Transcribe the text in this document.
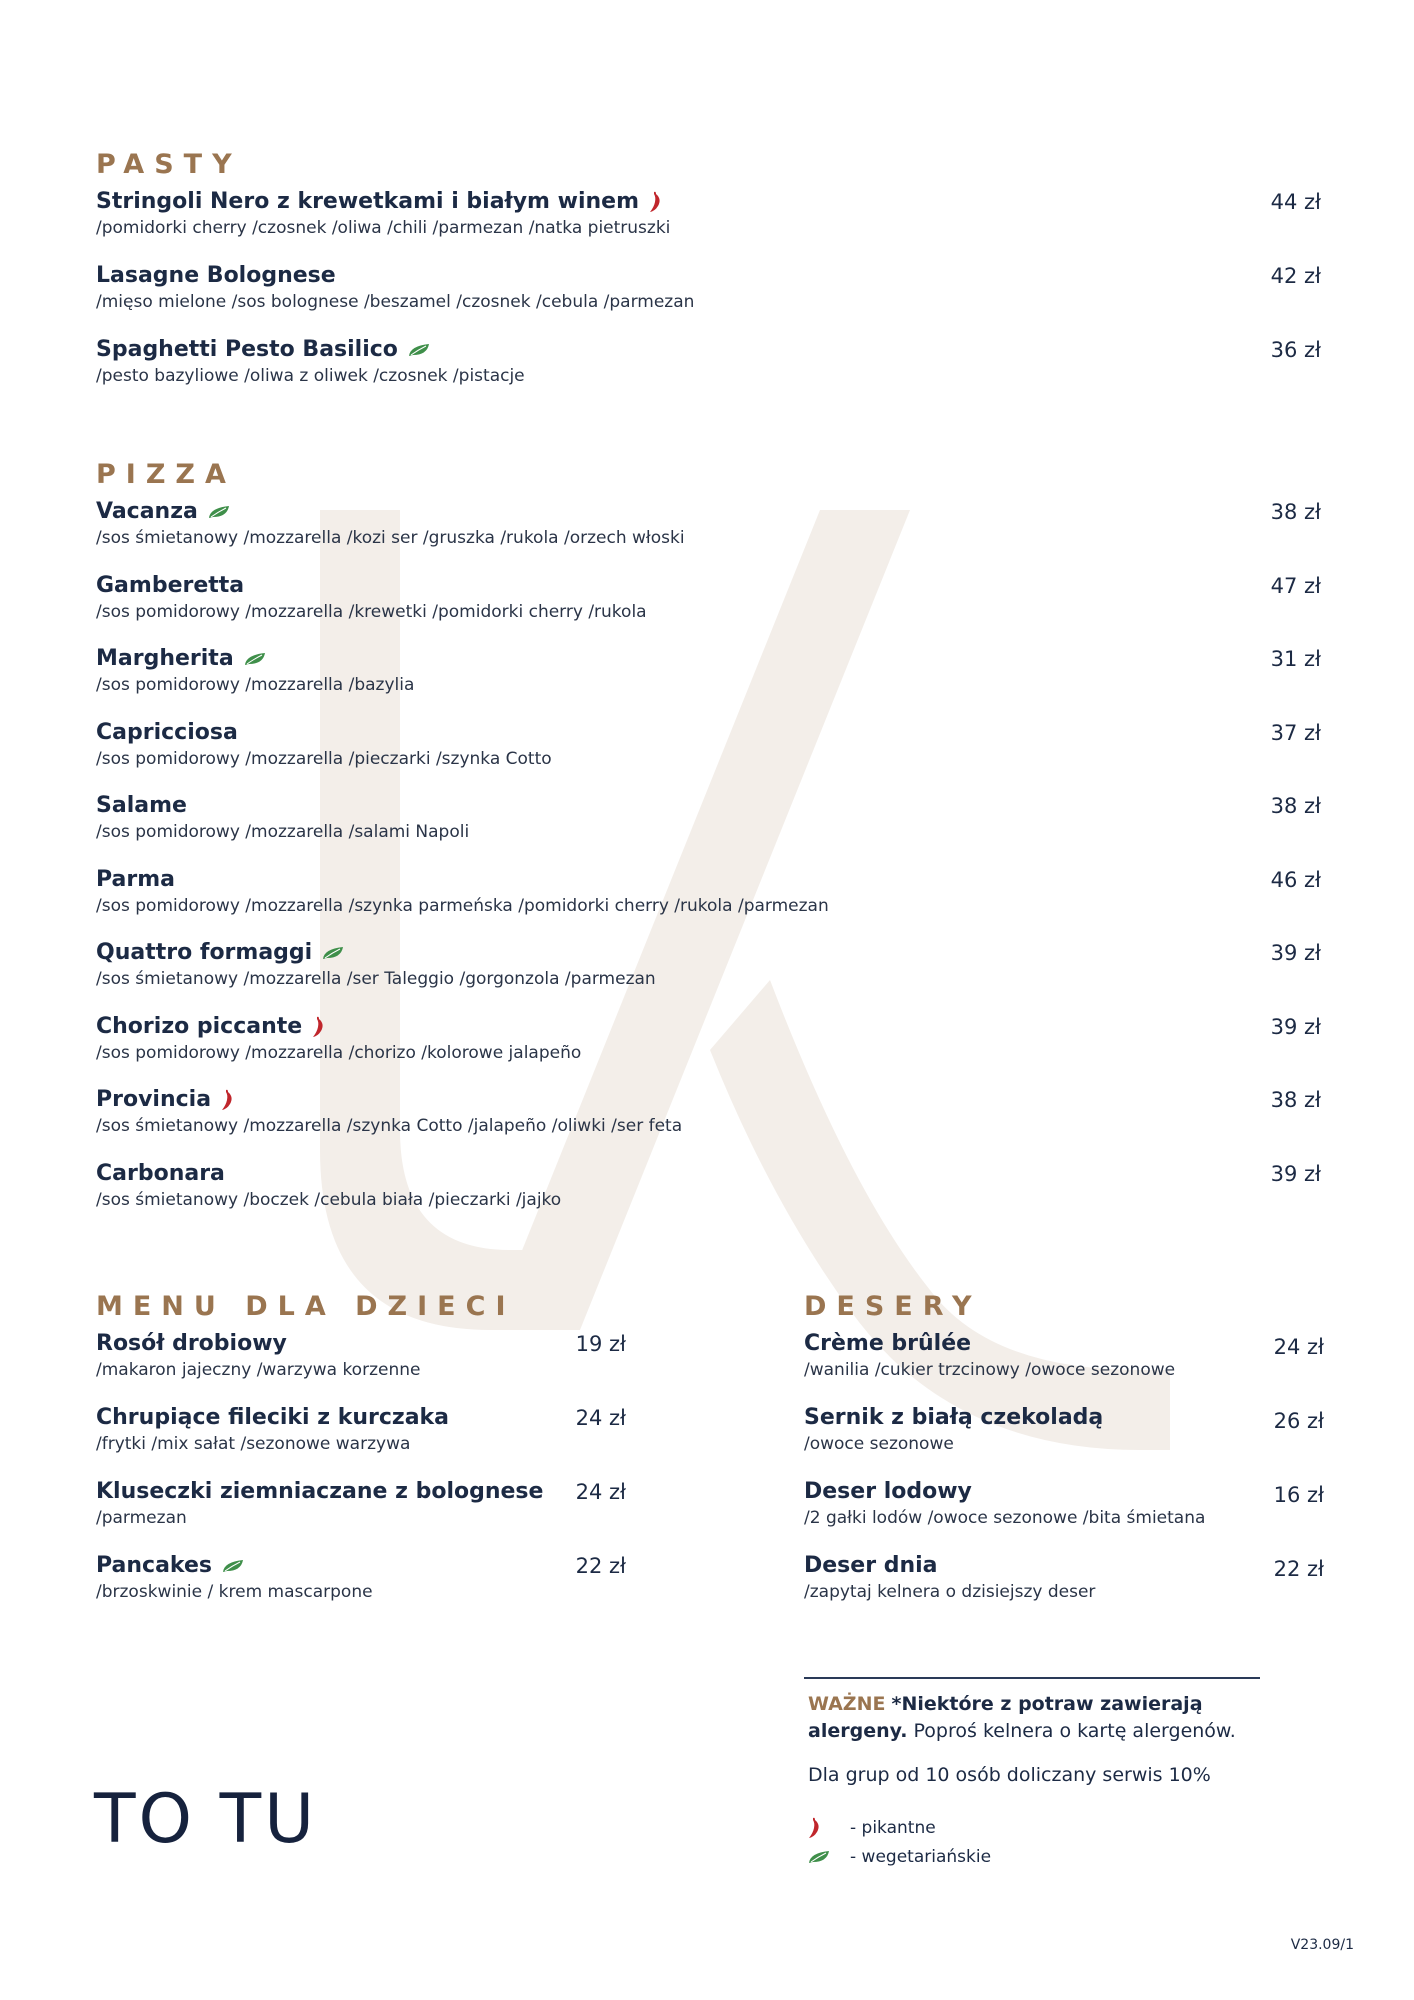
PASTY
Stringoli Nero z krewetkami i białym winem
/pomidorki cherry /czosnek /oliwa /chili /parmezan /natka pietruszki
44 zł
Lasagne Bolognese
/mięso mielone /sos bolognese /beszamel /czosnek /cebula /parmezan
42 zł
Spaghetti Pesto Basilico
/pesto bazyliowe /oliwa z oliwek /czosnek /pistacje
36 zł
PIZZA
Vacanza
/sos śmietanowy /mozzarella /kozi ser /gruszka /rukola /orzech włoski
38 zł
Gamberetta
/sos pomidorowy /mozzarella /krewetki /pomidorki cherry /rukola
47 zł
Margherita
/sos pomidorowy /mozzarella /bazylia
31 zł
Capricciosa
/sos pomidorowy /mozzarella /pieczarki /szynka Cotto
37 zł
Salame
/sos pomidorowy /mozzarella /salami Napoli
38 zł
Parma
/sos pomidorowy /mozzarella /szynka parmeńska /pomidorki cherry /rukola /parmezan
46 zł
Quattro formaggi
/sos śmietanowy /mozzarella /ser Taleggio /gorgonzola /parmezan
39 zł
Chorizo piccante
/sos pomidorowy /mozzarella /chorizo /kolorowe jalapeño
39 zł
Provincia
/sos śmietanowy /mozzarella /szynka Cotto /jalapeño /oliwki /ser feta
38 zł
Carbonara
/sos śmietanowy /boczek /cebula biała /pieczarki /jajko
39 zł
MENU DLA DZIECI
Rosół drobiowy
/makaron jajeczny /warzywa korzenne
19 zł
Chrupiące fileciki z kurczaka
/frytki /mix sałat /sezonowe warzywa
24 zł
Kluseczki ziemniaczane z bolognese
/parmezan
24 zł
Pancakes
/brzoskwinie / krem mascarpone
22 zł
DESERY
Crème brûlée
/wanilia /cukier trzcinowy /owoce sezonowe
24 zł
Sernik z białą czekoladą
/owoce sezonowe
26 zł
Deser lodowy
/2 gałki lodów /owoce sezonowe /bita śmietana
16 zł
Deser dnia
/zapytaj kelnera o dzisiejszy deser
22 zł
WAŻNE *Niektóre z potraw zawierają alergeny. Poproś kelnera o kartę alergenów.
Dla grup od 10 osób doliczany serwis 10%
- pikantne
- wegetariańskie
TO TU
V23.09/1
